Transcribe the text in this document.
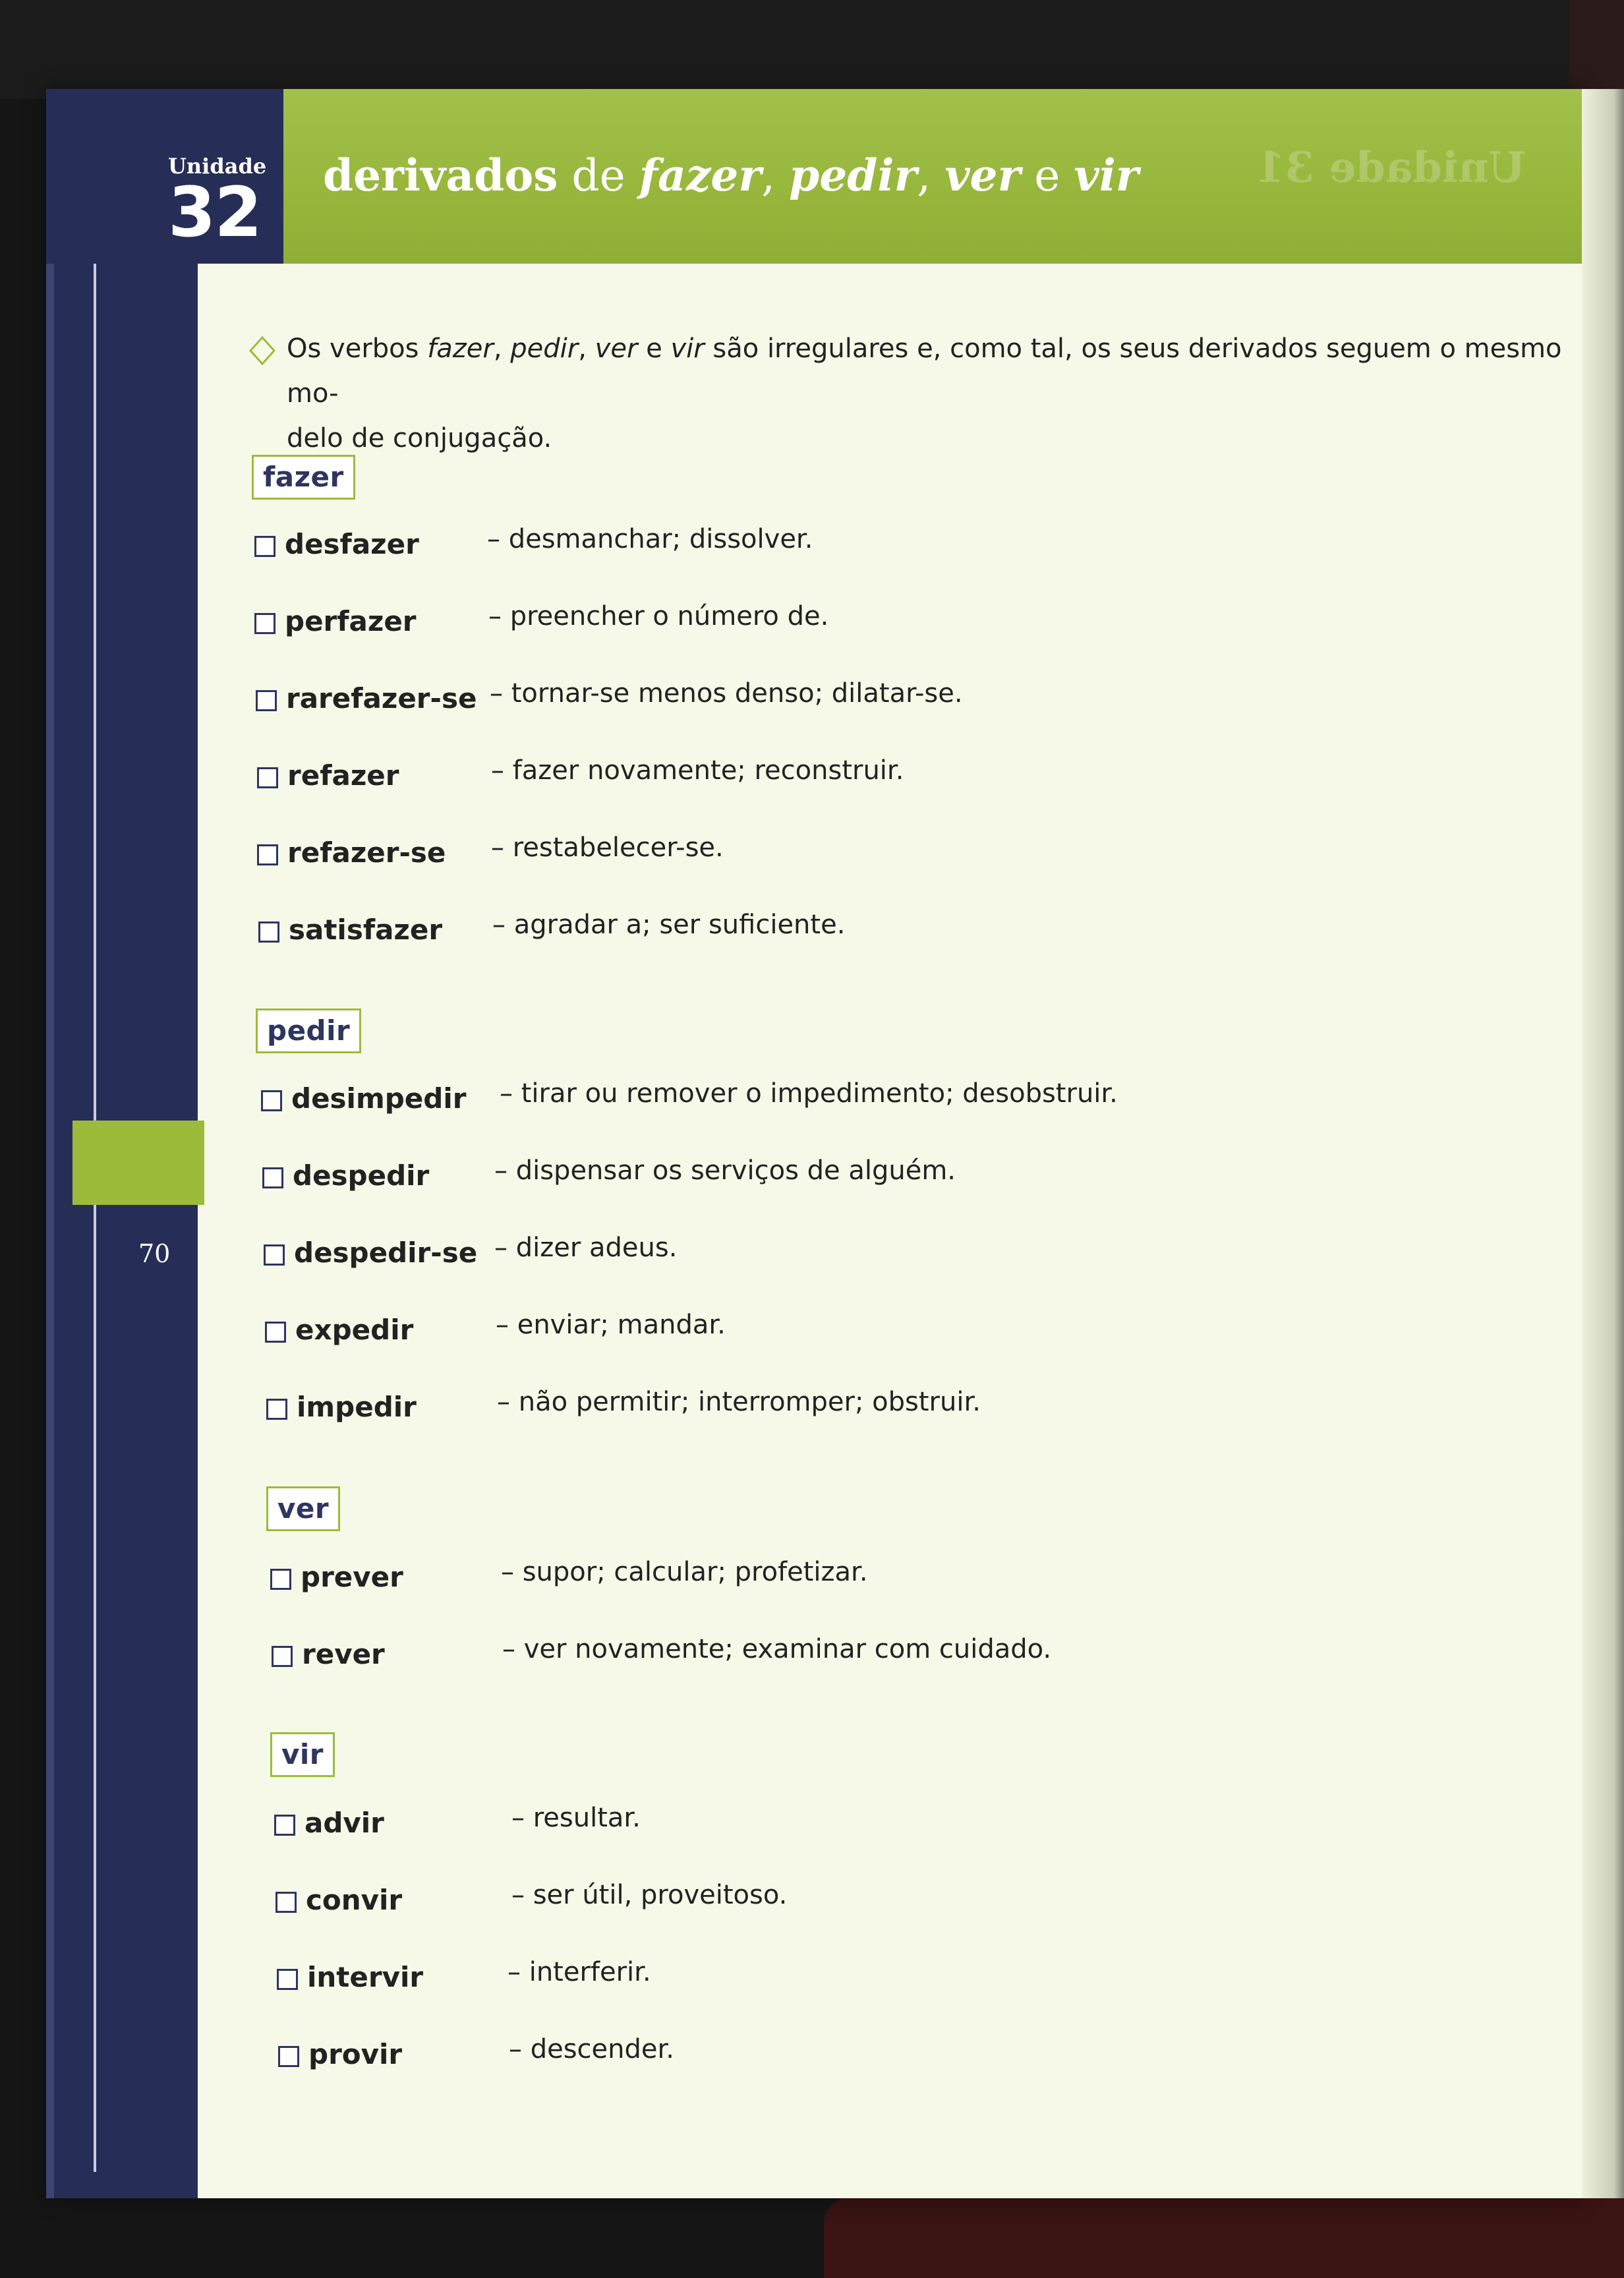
Unidade
32 derivados de fazer, pedir, ver e vir	Unidade 31
70
Os verbos fazer, pedir, ver e vir são irregulares e, como tal, os seus derivados seguem o mesmo mo-
delo de conjugação.
fazer
desfazer	– desmanchar; dissolver.
perfazer	– preencher o número de.
rarefazer-se – tornar-se menos denso; dilatar-se.
refazer	– fazer novamente; reconstruir.
refazer-se – restabelecer-se.
satisfazer – agradar a; ser suficiente.
pedir
desimpedir – tirar ou remover o impedimento; desobstruir.
despedir – dispensar os serviços de alguém.
despedir-se – dizer adeus.
expedir	– enviar; mandar.
impedir	– não permitir; interromper; obstruir.
ver
prever	– supor; calcular; profetizar.
rever	– ver novamente; examinar com cuidado.
vir
advir	– resultar.
convir	– ser útil, proveitoso.
intervir	– interferir.
provir	– descender.
